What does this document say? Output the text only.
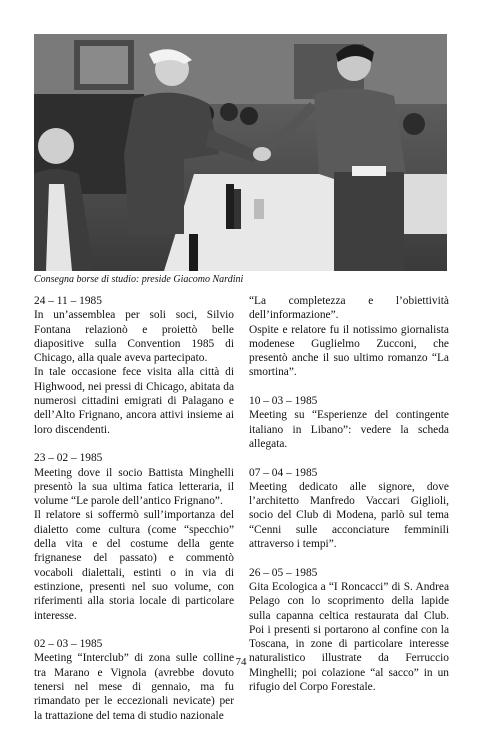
Consegna borse di studio: preside Giacomo Nardini
24 – 11 – 1985

In un’assemblea per soli soci, Silvio Fontana relazionò e proiettò belle diapositive sulla Convention 1985 di Chicago, alla quale aveva partecipato.

In tale occasione fece visita alla città di Highwood, nei pressi di Chicago, abitata da numerosi cittadini emigrati di Palagano e dell’Alto Frignano, ancora attivi insieme ai loro discendenti.

23 – 02 – 1985

Meeting dove il socio Battista Minghelli presentò la sua ultima fatica letteraria, il volume “Le parole dell’antico Frignano”.

Il relatore si soffermò sull’importanza del dialetto come cultura (come “specchio” della vita e del costume della gente frignanese del passato) e commentò vocaboli dialettali, estinti o in via di estinzione, presenti nel suo volume, con riferimenti alla storia locale di particolare interesse.

02 – 03 – 1985

Meeting “Interclub” di zona sulle colline tra Marano e Vignola (avrebbe dovuto tenersi nel mese di gennaio, ma fu rimandato per le eccezionali nevicate) per la trattazione del tema di studio nazionale

“La completezza e l’obiettività dell’informazione”.

Ospite e relatore fu il notissimo giornalista modenese Guglielmo Zucconi, che presentò anche il suo ultimo romanzo “La smortina”.

10 – 03 – 1985

Meeting su “Esperienze del contingente italiano in Libano”: vedere la scheda allegata.

07 – 04 – 1985

Meeting dedicato alle signore, dove l’architetto Manfredo Vaccari Giglioli, socio del Club di Modena, parlò sul tema “Cenni sulle acconciature femminili attraverso i tempi”.

26 – 05 – 1985

Gita Ecologica a “I Roncacci” di S. Andrea Pelago con lo scoprimento della lapide sulla capanna celtica restaurata dal Club. Poi i presenti si portarono al confine con la Toscana, in zone di particolare interesse naturalistico illustrate da Ferruccio Minghelli; poi colazione “al sacco” in un rifugio del Corpo Forestale.

74
